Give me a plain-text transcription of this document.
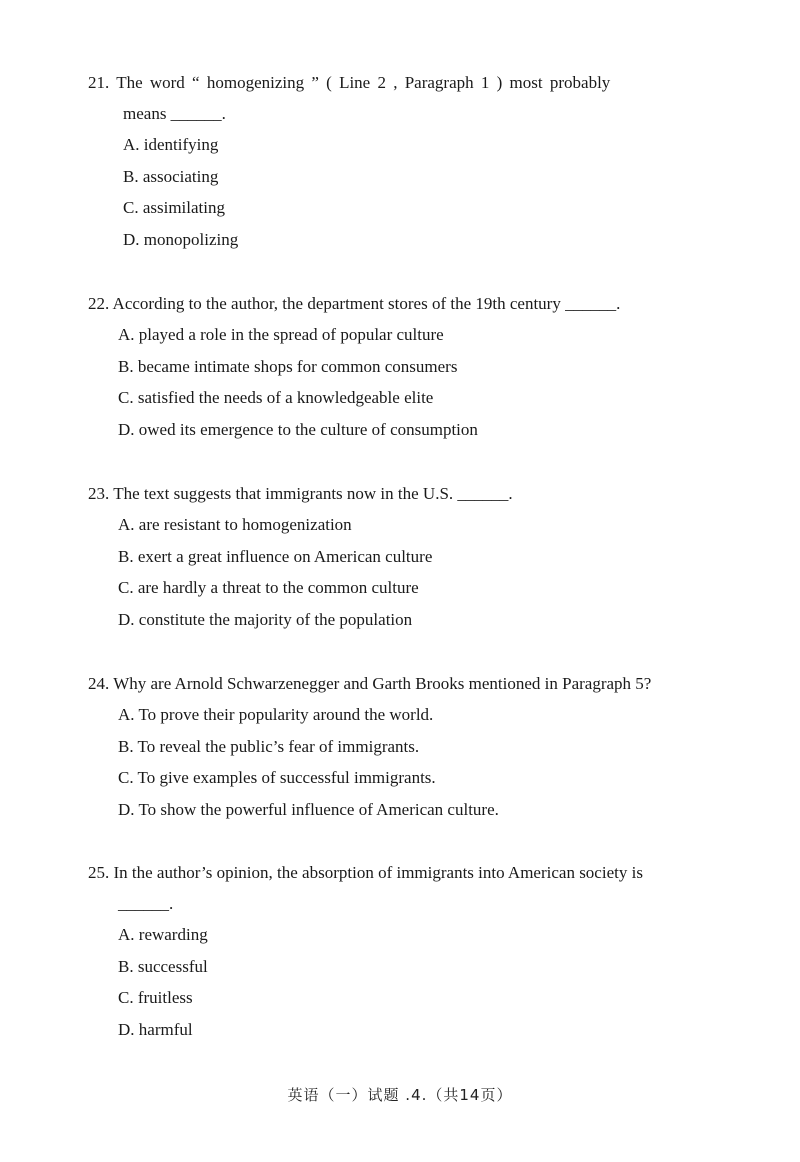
21. The word “ homogenizing ” ( Line 2 , Paragraph 1 ) most probably
means ______.
A. identifying
B. associating
C. assimilating
D. monopolizing
22. According to the author, the department stores of the 19th century ______.
A. played a role in the spread of popular culture
B. became intimate shops for common consumers
C. satisfied the needs of a knowledgeable elite
D. owed its emergence to the culture of consumption
23. The text suggests that immigrants now in the U.S. ______.
A. are resistant to homogenization
B. exert a great influence on American culture
C. are hardly a threat to the common culture
D. constitute the majority of the population
24. Why are Arnold Schwarzenegger and Garth Brooks mentioned in Paragraph 5?
A. To prove their popularity around the world.
B. To reveal the public’s fear of immigrants.
C. To give examples of successful immigrants.
D. To show the powerful influence of American culture.
25. In the author’s opinion, the absorption of immigrants into American society is
______.
A. rewarding
B. successful
C. fruitless
D. harmful
英语（一）试题 .4.（共14页）
